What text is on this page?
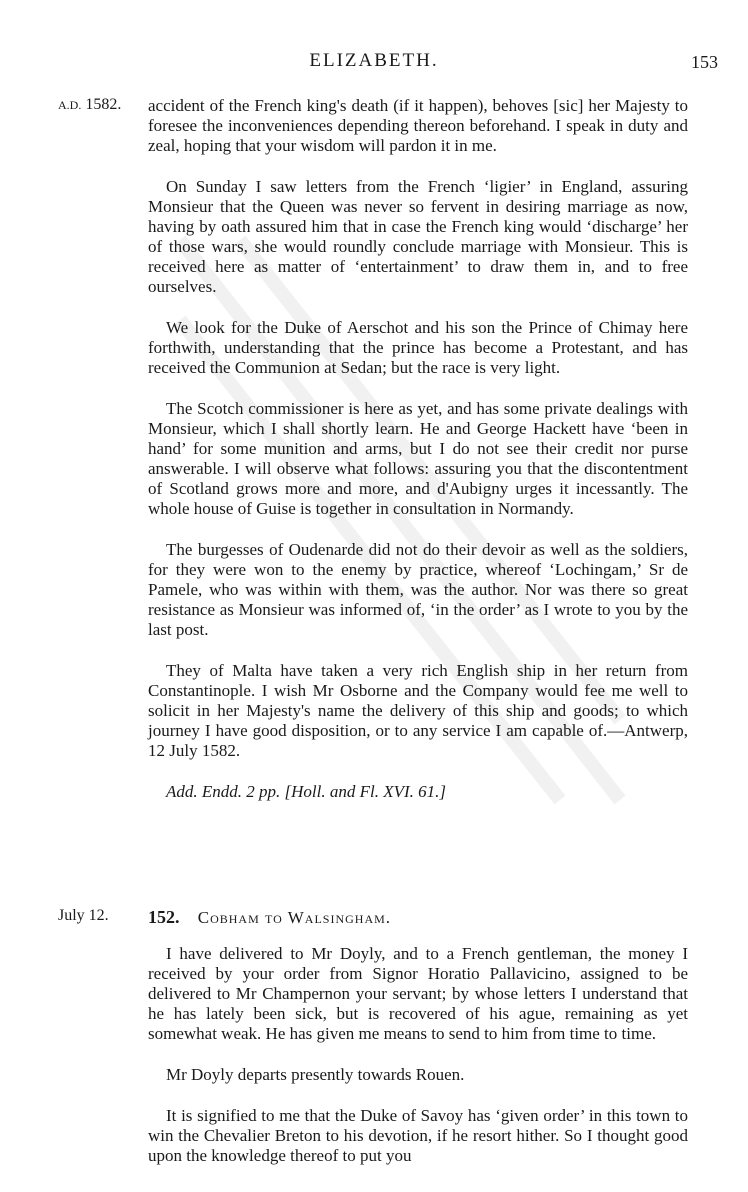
ELIZABETH.	153
A.D. 1582. accident of the French king's death (if it happen), behoves [sic] her Majesty to foresee the inconveniences depending thereon beforehand. I speak in duty and zeal, hoping that your wisdom will pardon it in me.

On Sunday I saw letters from the French ‘ligier’ in England, assuring Monsieur that the Queen was never so fervent in desiring marriage as now, having by oath assured him that in case the French king would ‘discharge’ her of those wars, she would roundly conclude marriage with Monsieur. This is received here as matter of ‘entertainment’ to draw them in, and to free ourselves.

We look for the Duke of Aerschot and his son the Prince of Chimay here forthwith, understanding that the prince has become a Protestant, and has received the Communion at Sedan; but the race is very light.

The Scotch commissioner is here as yet, and has some private dealings with Monsieur, which I shall shortly learn. He and George Hackett have ‘been in hand’ for some munition and arms, but I do not see their credit nor purse answerable. I will observe what follows: assuring you that the discontentment of Scotland grows more and more, and d'Aubigny urges it incessantly. The whole house of Guise is together in consultation in Normandy.

The burgesses of Oudenarde did not do their devoir as well as the soldiers, for they were won to the enemy by practice, whereof ‘Lochingam,’ Sr de Pamele, who was within with them, was the author. Nor was there so great resistance as Monsieur was informed of, ‘in the order’ as I wrote to you by the last post.

They of Malta have taken a very rich English ship in her return from Constantinople. I wish Mr Osborne and the Company would fee me well to solicit in her Majesty's name the delivery of this ship and goods; to which journey I have good disposition, or to any service I am capable of.—Antwerp, 12 July 1582.

Add. Endd. 2 pp. [Holl. and Fl. XVI. 61.]

July 12. 152. Cobham to Walsingham.

I have delivered to Mr Doyly, and to a French gentleman, the money I received by your order from Signor Horatio Pallavicino, assigned to be delivered to Mr Champernon your servant; by whose letters I understand that he has lately been sick, but is recovered of his ague, remaining as yet somewhat weak. He has given me means to send to him from time to time.

Mr Doyly departs presently towards Rouen.

It is signified to me that the Duke of Savoy has ‘given order’ in this town to win the Chevalier Breton to his devotion, if he resort hither. So I thought good upon the knowledge thereof to put you
